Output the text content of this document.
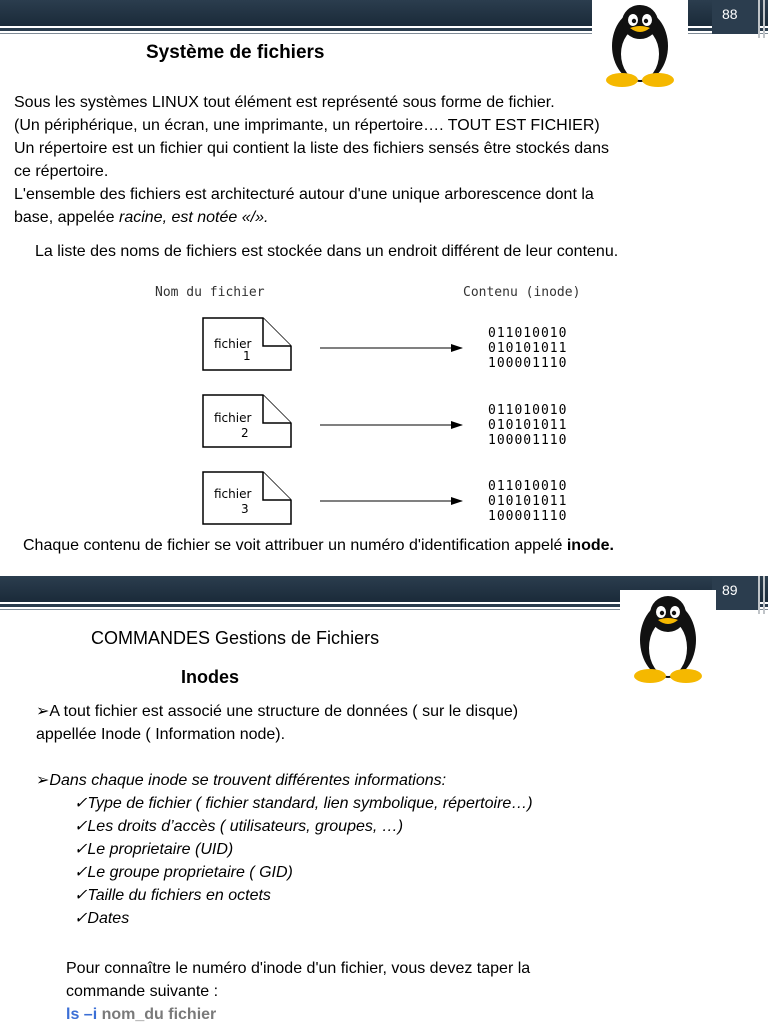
88
Système de fichiers
Sous les systèmes LINUX tout élément est représenté sous forme de fichier.
(Un périphérique, un écran, une imprimante, un répertoire…. TOUT EST FICHIER)
Un répertoire est un fichier qui contient la liste des fichiers sensés être stockés dans
ce répertoire.
L'ensemble des fichiers est architecturé autour d'une unique arborescence dont la
base, appelée racine, est notée «/».
La liste des noms de fichiers est stockée dans un endroit différent de leur contenu.
Nom du fichier	Contenu (inode)
fichier
1
011010010
010101011
100001110
fichier
2
011010010
010101011
100001110
fichier
3
011010010
010101011
100001110
Chaque contenu de fichier se voit attribuer un numéro d'identification appelé inode.
89
COMMANDES Gestions de Fichiers
Inodes
➢A tout fichier est associé une structure de données ( sur le disque)
appellée Inode ( Information node).
➢Dans chaque inode se trouvent différentes informations:
✓Type de fichier ( fichier standard, lien symbolique, répertoire…)
✓Les droits d’accès ( utilisateurs, groupes, …)
✓Le proprietaire (UID)
✓Le groupe proprietaire ( GID)
✓Taille du fichiers en octets
✓Dates
Pour connaître le numéro d'inode d'un fichier, vous devez taper la
commande suivante :
ls –i nom_du fichier
